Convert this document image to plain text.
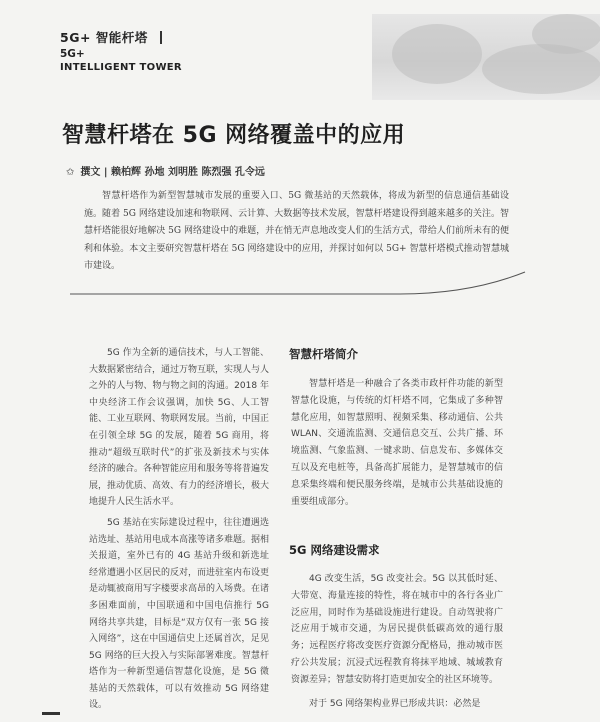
5G+ 智能杆塔
5G+
INTELLIGENT TOWER
智慧杆塔在 5G 网络覆盖中的应用
✩ 撰文 | 赖柏辉 孙地 刘明胜 陈烈强 孔令远
智慧杆塔作为新型智慧城市发展的重要入口、5G 微基站的天然载体，将成为新型的信息通信基础设施。随着 5G 网络建设加速和物联网、云计算、大数据等技术发展，智慧杆塔建设得到越来越多的关注。智慧杆塔能很好地解决 5G 网络建设中的难题，并在悄无声息地改变人们的生活方式，带给人们前所未有的便利和体验。本文主要研究智慧杆塔在 5G 网络建设中的应用，并探讨如何以 5G+ 智慧杆塔模式推动智慧城市建设。

5G 作为全新的通信技术，与人工智能、大数据紧密结合，通过万物互联，实现人与人之外的人与物、物与物之间的沟通。2018 年中央经济工作会议强调，加快 5G、人工智能、工业互联网、物联网发展。当前，中国正在引领全球 5G 的发展，随着 5G 商用，将推动“超级互联时代”的扩张及新技术与实体经济的融合。各种智能应用和服务等将普遍发展，推动优质、高效、有力的经济增长，极大地提升人民生活水平。

5G 基站在实际建设过程中，往往遭遇选站选址、基站用电成本高涨等诸多难题。据相关报道，室外已有的 4G 基站升级和新选址经常遭遇小区居民的反对，而进驻室内布设更是动辄被商用写字楼要求高昂的入场费。在诸多困难面前，中国联通和中国电信推行 5G 网络共享共建，目标是“双方仅有一张 5G 接入网络”，这在中国通信史上还属首次，足见 5G 网络的巨大投入与实际部署难度。智慧杆塔作为一种新型通信智慧化设施，是 5G 微基站的天然载体，可以有效推动 5G 网络建设。

智慧杆塔简介

智慧杆塔是一种融合了各类市政杆件功能的新型智慧化设施，与传统的灯杆塔不同，它集成了多种智慧化应用，如智慧照明、视频采集、移动通信、公共 WLAN、交通流监测、交通信息交互、公共广播、环境监测、气象监测、一键求助、信息发布、多媒体交互以及充电桩等，具备高扩展能力，是智慧城市的信息采集终端和便民服务终端，是城市公共基础设施的重要组成部分。

5G 网络建设需求

4G 改变生活，5G 改变社会。5G 以其低时延、大带宽、海量连接的特性，将在城市中的各行各业广泛应用，同时作为基础设施进行建设。自动驾驶将广泛应用于城市交通，为居民提供低碳高效的通行服务；远程医疗将改变医疗资源分配格局，推动城市医疗公共发展；沉浸式远程教育将抹平地域、城域教育资源差异；智慧安防将打造更加安全的社区环境等。

对于 5G 网络架构业界已形成共识：必然是
